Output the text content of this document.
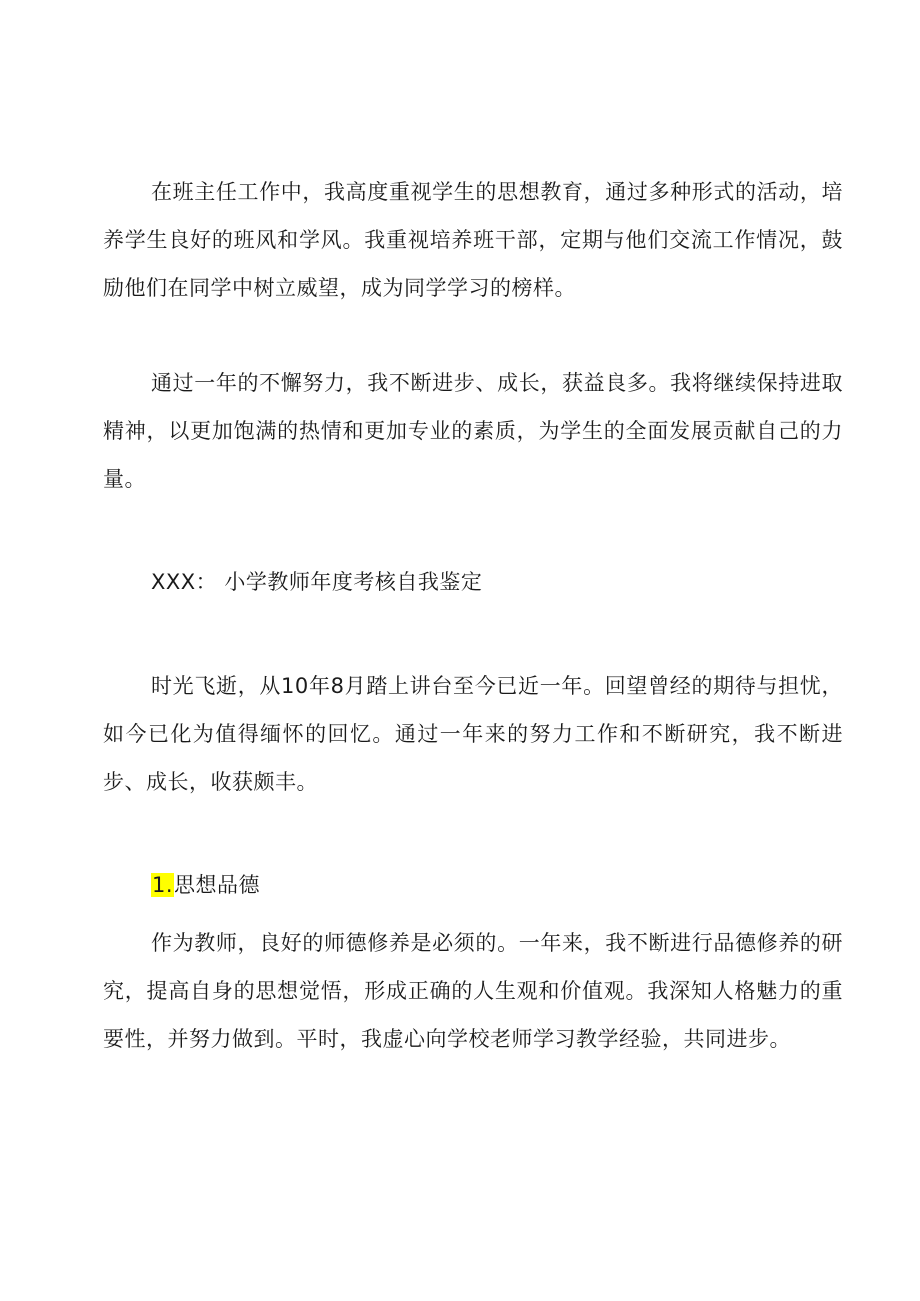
在班主任工作中，我高度重视学生的思想教育，通过多种形式的活动，培养学生良好的班风和学风。我重视培养班干部，定期与他们交流工作情况，鼓励他们在同学中树立威望，成为同学学习的榜样。

通过一年的不懈努力，我不断进步、成长，获益良多。我将继续保持进取精神，以更加饱满的热情和更加专业的素质，为学生的全面发展贡献自己的力量。

XXX： 小学教师年度考核自我鉴定

时光飞逝，从10年8月踏上讲台至今已近一年。回望曾经的期待与担忧，如今已化为值得缅怀的回忆。通过一年来的努力工作和不断研究，我不断进步、成长，收获颇丰。

1.思想品德

作为教师，良好的师德修养是必须的。一年来，我不断进行品德修养的研究，提高自身的思想觉悟，形成正确的人生观和价值观。我深知人格魅力的重要性，并努力做到。平时，我虚心向学校老师学习教学经验，共同进步。
